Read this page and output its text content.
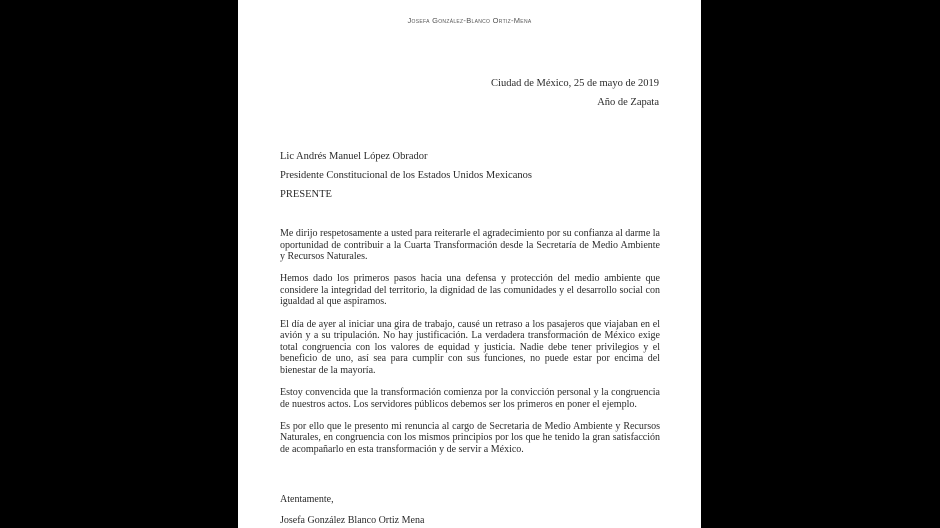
Josefa González-Blanco Ortiz-Mena
Ciudad de México, 25 de mayo de 2019
Año de Zapata
Lic Andrés Manuel López Obrador
Presidente Constitucional de los Estados Unidos Mexicanos
PRESENTE

Me dirijo respetosamente a usted para reiterarle el agradecimiento por su confianza al darme la oportunidad de contribuir a la Cuarta Transformación desde la Secretaría de Medio Ambiente y Recursos Naturales.

Hemos dado los primeros pasos hacia una defensa y protección del medio ambiente que considere la integridad del territorio, la dignidad de las comunidades y el desarrollo social con igualdad al que aspiramos.

El día de ayer al iniciar una gira de trabajo, causé un retraso a los pasajeros que viajaban en el avión y a su tripulación. No hay justificación. La verdadera transformación de México exige total congruencia con los valores de equidad y justicia. Nadie debe tener privilegios y el beneficio de uno, así sea para cumplir con sus funciones, no puede estar por encima del bienestar de la mayoría.

Estoy convencida que la transformación comienza por la convicción personal y la congruencia de nuestros actos. Los servidores públicos debemos ser los primeros en poner el ejemplo.

Es por ello que le presento mi renuncia al cargo de Secretaria de Medio Ambiente y Recursos Naturales, en congruencia con los mismos principios por los que he tenido la gran satisfacción de acompañarlo en esta transformación y de servir a México.

Atentamente,
Josefa González Blanco Ortiz Mena
